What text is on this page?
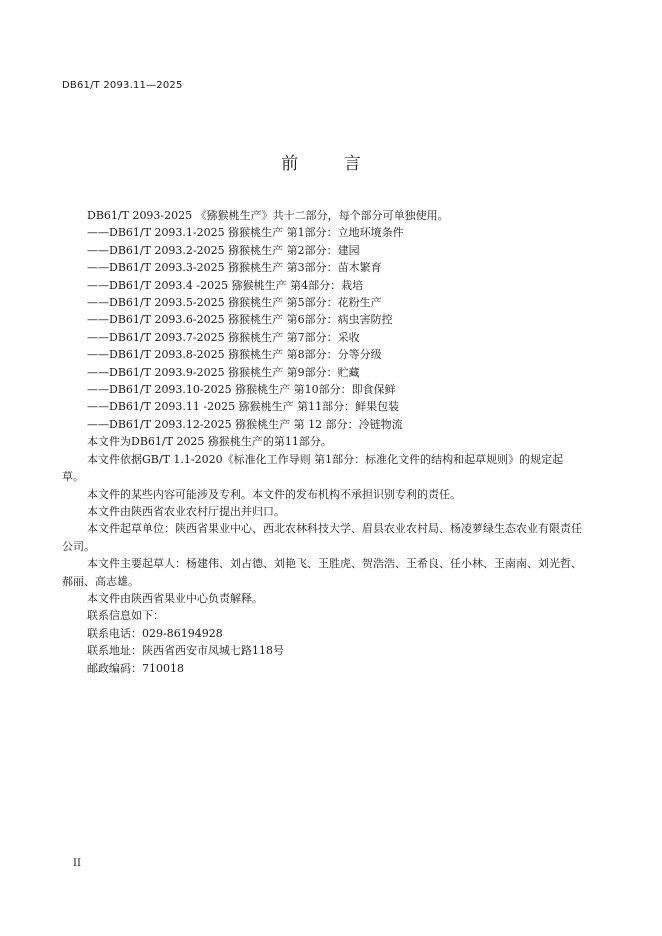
DB61/T 2093.11—2025
前 言

DB61/T 2093-2025 《猕猴桃生产》共十二部分，每个部分可单独使用。

——DB61/T 2093.1-2025 猕猴桃生产 第1部分：立地环境条件

——DB61/T 2093.2-2025 猕猴桃生产 第2部分：建园

——DB61/T 2093.3-2025 猕猴桃生产 第3部分：苗木繁育

——DB61/T 2093.4 -2025 猕猴桃生产 第4部分：栽培

——DB61/T 2093.5-2025 猕猴桃生产 第5部分：花粉生产

——DB61/T 2093.6-2025 猕猴桃生产 第6部分：病虫害防控

——DB61/T 2093.7-2025 猕猴桃生产 第7部分：采收

——DB61/T 2093.8-2025 猕猴桃生产 第8部分：分等分级

——DB61/T 2093.9-2025 猕猴桃生产 第9部分：贮藏

——DB61/T 2093.10-2025 猕猴桃生产 第10部分：即食保鲜

——DB61/T 2093.11 -2025 猕猴桃生产 第11部分：鲜果包装

——DB61/T 2093.12-2025 猕猴桃生产 第 12 部分：冷链物流

本文件为DB61/T 2025 猕猴桃生产的第11部分。

本文件依据GB/T 1.1-2020《标准化工作导则 第1部分：标准化文件的结构和起草规则》的规定起草。

本文件的某些内容可能涉及专利。本文件的发布机构不承担识别专利的责任。

本文件由陕西省农业农村厅提出并归口。

本文件起草单位：陕西省果业中心、西北农林科技大学、眉县农业农村局、杨凌萝绿生态农业有限责任公司。

本文件主要起草人：杨建伟、刘占德、刘艳飞、王胜虎、贺浩浩、王希良、任小林、王南南、刘光哲、郝丽、高志雄。

本文件由陕西省果业中心负责解释。

联系信息如下：

联系电话：029-86194928

联系地址：陕西省西安市凤城七路118号

邮政编码：710018

II
